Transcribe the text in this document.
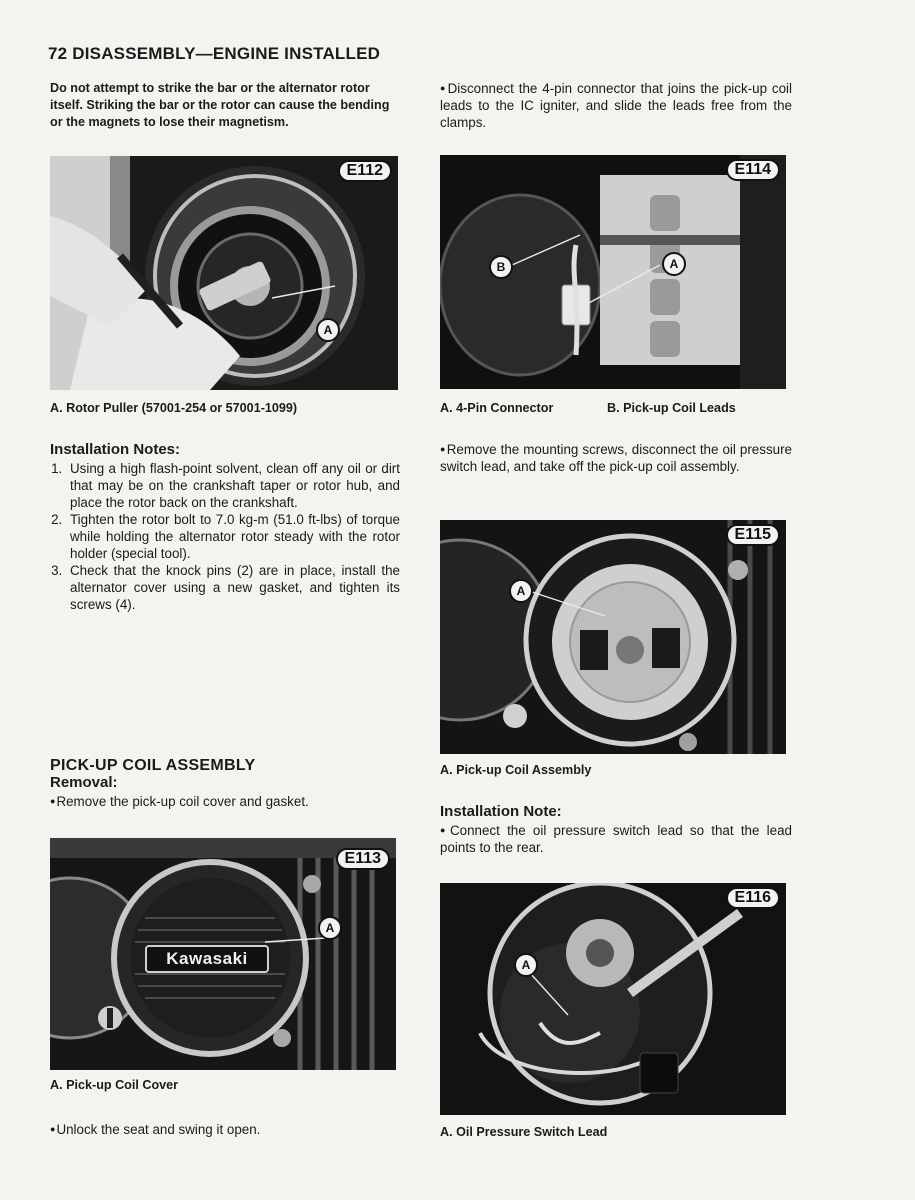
72 DISASSEMBLY—ENGINE INSTALLED
Do not attempt to strike the bar or the alternator rotor itself. Striking the bar or the rotor can cause the bending or the magnets to lose their magnetism.
E112
A
A. Rotor Puller (57001-254 or 57001-1099)
Installation Notes:
1. Using a high flash-point solvent, clean off any oil or dirt that may be on the crankshaft taper or rotor hub, and place the rotor back on the crankshaft.
2. Tighten the rotor bolt to 7.0 kg-m (51.0 ft-lbs) of torque while holding the alternator rotor steady with the rotor holder (special tool).
3. Check that the knock pins (2) are in place, install the alternator cover using a new gasket, and tighten its screws (4).
PICK-UP COIL ASSEMBLY
Removal:
● Remove the pick-up coil cover and gasket.
Kawasaki
E113
A
A. Pick-up Coil Cover
● Unlock the seat and swing it open.
● Disconnect the 4-pin connector that joins the pick-up coil leads to the IC igniter, and slide the leads free from the clamps.
E114
A
B
A. 4-Pin Connector	B. Pick-up Coil Leads
● Remove the mounting screws, disconnect the oil pressure switch lead, and take off the pick-up coil assembly.
E115
A
A. Pick-up Coil Assembly
Installation Note:
● Connect the oil pressure switch lead so that the lead points to the rear.
E116
A
A. Oil Pressure Switch Lead
